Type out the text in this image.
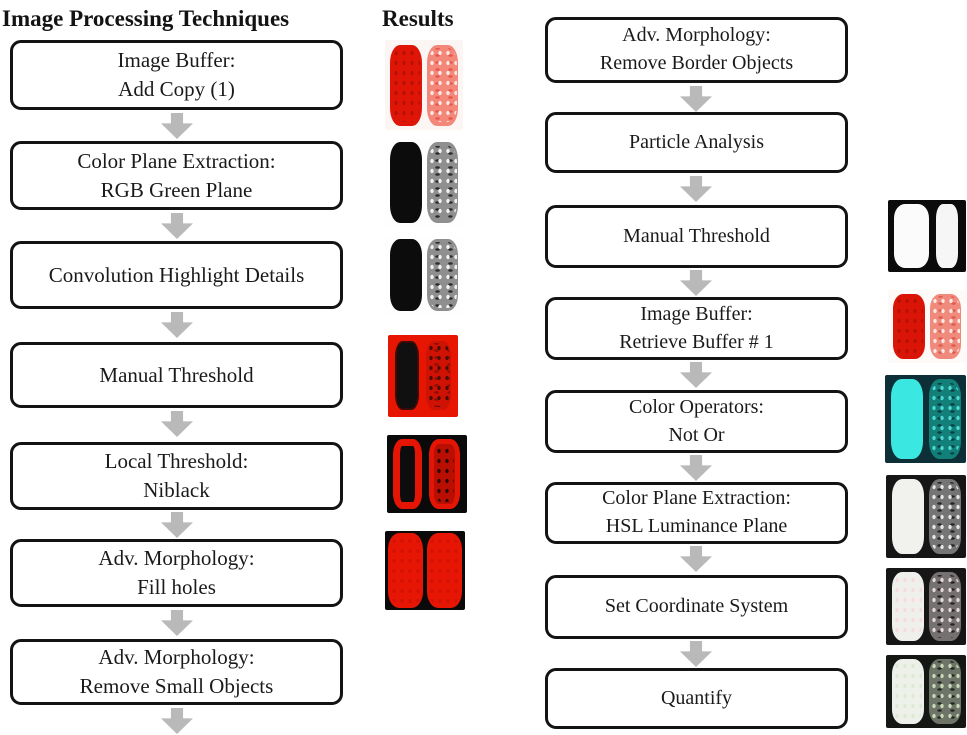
Image Processing Techniques	Results
Image Buffer:
Add Copy (1)
Color Plane Extraction:
RGB Green Plane
Convolution Highlight Details
Manual Threshold
Local Threshold:
Niblack
Adv. Morphology:
Fill holes
Adv. Morphology:
Remove Small Objects
Adv. Morphology:
Remove Border Objects
Particle Analysis
Manual Threshold
Image Buffer:
Retrieve Buffer # 1
Color Operators:
Not Or
Color Plane Extraction:
HSL Luminance Plane
Set Coordinate System
Quantify
